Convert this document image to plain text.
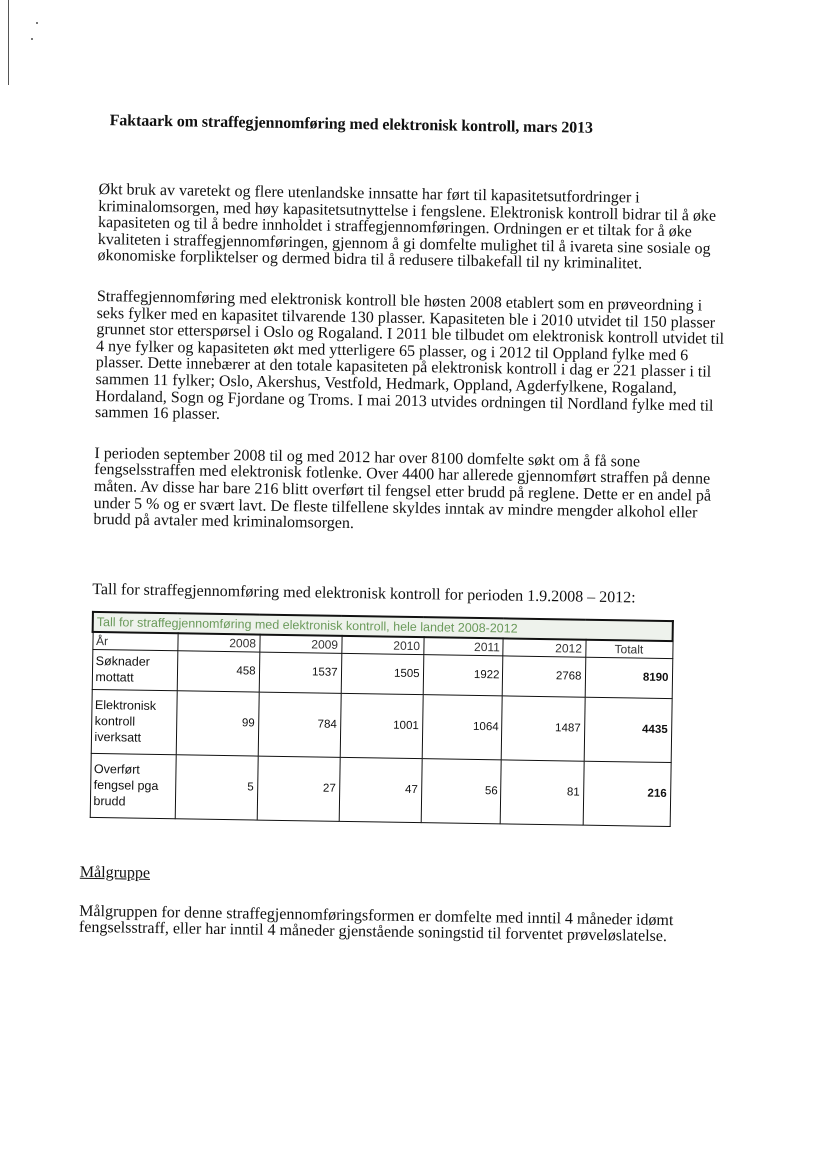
Faktaark om straffegjennomføring med elektronisk kontroll, mars 2013

Økt bruk av varetekt og flere utenlandske innsatte har ført til kapasitetsutfordringer i kriminalomsorgen, med høy kapasitetsutnyttelse i fengslene. Elektronisk kontroll bidrar til å øke kapasiteten og til å bedre innholdet i straffegjennomføringen. Ordningen er et tiltak for å øke kvaliteten i straffegjennomføringen, gjennom å gi domfelte mulighet til å ivareta sine sosiale og økonomiske forpliktelser og dermed bidra til å redusere tilbakefall til ny kriminalitet.

Straffegjennomføring med elektronisk kontroll ble høsten 2008 etablert som en prøveordning i seks fylker med en kapasitet tilvarende 130 plasser. Kapasiteten ble i 2010 utvidet til 150 plasser grunnet stor etterspørsel i Oslo og Rogaland. I 2011 ble tilbudet om elektronisk kontroll utvidet til 4 nye fylker og kapasiteten økt med ytterligere 65 plasser, og i 2012 til Oppland fylke med 6 plasser. Dette innebærer at den totale kapasiteten på elektronisk kontroll i dag er 221 plasser i til sammen 11 fylker; Oslo, Akershus, Vestfold, Hedmark, Oppland, Agderfylkene, Rogaland, Hordaland, Sogn og Fjordane og Troms. I mai 2013 utvides ordningen til Nordland fylke med til sammen 16 plasser.

I perioden september 2008 til og med 2012 har over 8100 domfelte søkt om å få sone fengselsstraffen med elektronisk fotlenke. Over 4400 har allerede gjennomført straffen på denne måten. Av disse har bare 216 blitt overført til fengsel etter brudd på reglene. Dette er en andel på under 5 % og er svært lavt. De fleste tilfellene skyldes inntak av mindre mengder alkohol eller brudd på avtaler med kriminalomsorgen.

Tall for straffegjennomføring med elektronisk kontroll for perioden 1.9.2008 – 2012:

Tall for straffegjennomføring med elektronisk kontroll, hele landet 2008-2012						
År	2008	2009	2010	2011	2012	Totalt
Søknader mottatt	458	1537	1505	1922	2768	8190
Elektronisk kontroll iverksatt	99	784	1001	1064	1487	4435
Overført fengsel pga brudd	5	27	47	56	81	216
Målgruppe

Målgruppen for denne straffegjennomføringsformen er domfelte med inntil 4 måneder idømt fengselsstraff, eller har inntil 4 måneder gjenstående soningstid til forventet prøveløslatelse.
